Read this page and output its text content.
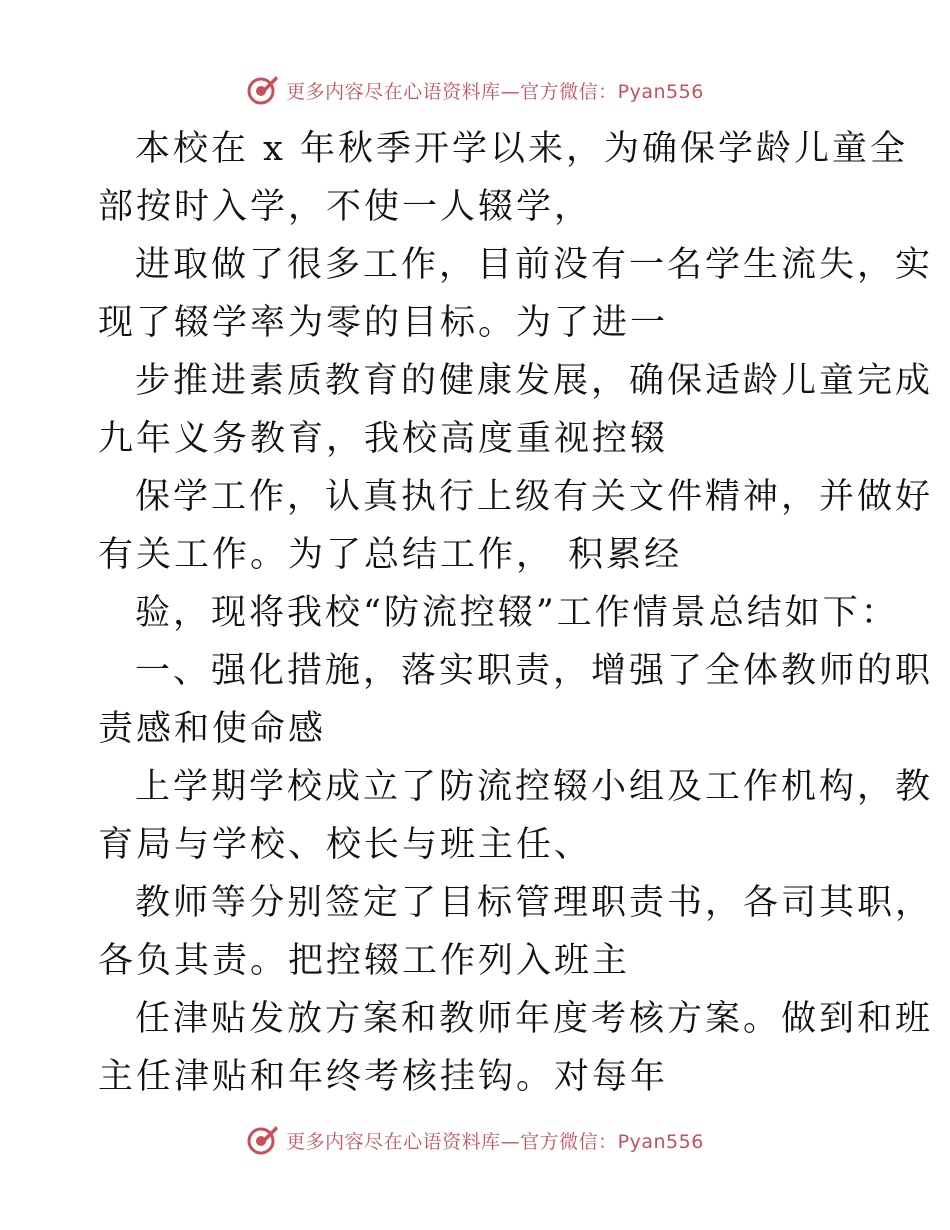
更多内容尽在心语资料库—官方微信：Pyan556
本校在 x 年秋季开学以来，为确保学龄儿童全
部按时入学，不使一人辍学，
进取做了很多工作，目前没有一名学生流失，实
现了辍学率为零的目标。为了进一
步推进素质教育的健康发展，确保适龄儿童完成
九年义务教育，我校高度重视控辍
保学工作，认真执行上级有关文件精神，并做好
有关工作。为了总结工作， 积累经
验，现将我校“防流控辍”工作情景总结如下：
一、强化措施，落实职责，增强了全体教师的职
责感和使命感
上学期学校成立了防流控辍小组及工作机构，教
育局与学校、校长与班主任、
教师等分别签定了目标管理职责书，各司其职，
各负其责。把控辍工作列入班主
任津贴发放方案和教师年度考核方案。做到和班
主任津贴和年终考核挂钩。对每年
更多内容尽在心语资料库—官方微信：Pyan556
